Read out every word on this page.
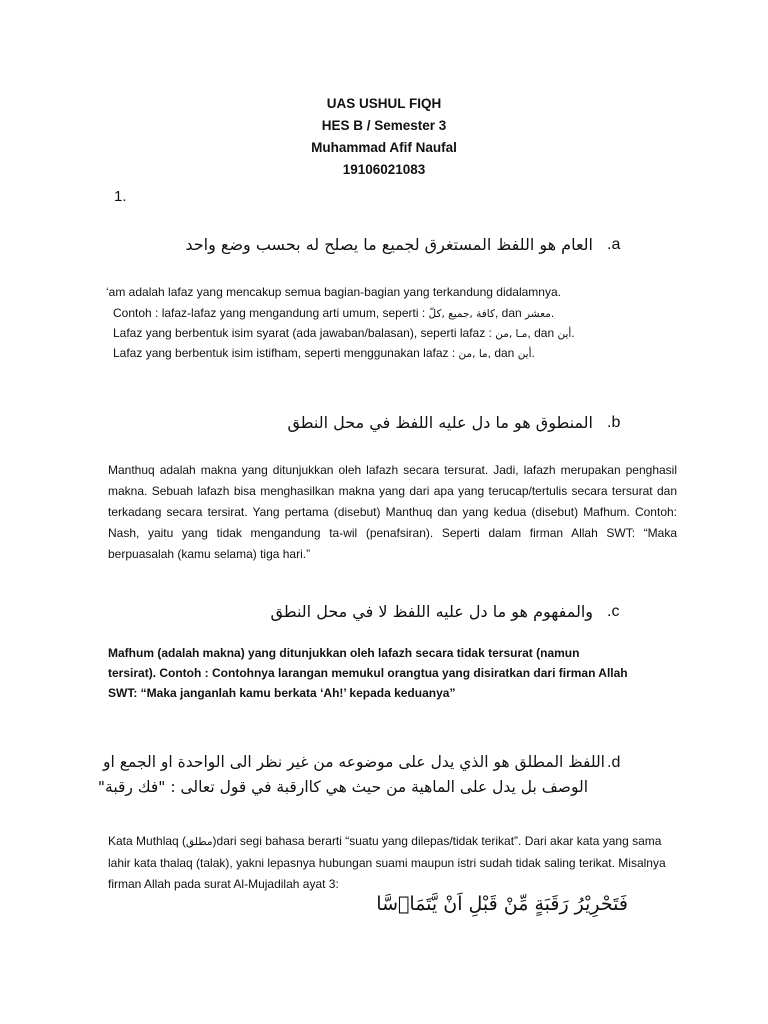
UAS USHUL FIQH
HES B / Semester 3
Muhammad Afif Naufal
19106021083
1.
العام هو اللفظ المستغرق لجميع ما يصلح له بحسب وضع واحد .a
‘am adalah lafaz yang mencakup semua bagian-bagian yang terkandung didalamnya.
Contoh : lafaz-lafaz yang mengandung arti umum, seperti : كافة ,جميع ,كلّ, dan معشر.
Lafaz yang berbentuk isim syarat (ada jawaban/balasan), seperti lafaz : مـا ,من, dan أين.
Lafaz yang berbentuk isim istifham, seperti menggunakan lafaz : ما ,من, dan أين.
المنطوق هو ما دل عليه اللفظ في محل النطق .b
Manthuq adalah makna yang ditunjukkan oleh lafazh secara tersurat. Jadi, lafazh merupakan penghasil makna. Sebuah lafazh bisa menghasilkan makna yang dari apa yang terucap/tertulis secara tersurat dan terkadang secara tersirat. Yang pertama (disebut) Manthuq dan yang kedua (disebut) Mafhum. Contoh: Nash, yaitu yang tidak mengandung ta-wil (penafsiran). Seperti dalam firman Allah SWT: “Maka berpuasalah (kamu selama) tiga hari.”
والمفهوم هو ما دل عليه اللفظ لا في محل النطق .c
Mafhum (adalah makna) yang ditunjukkan oleh lafazh secara tidak tersurat (namun tersirat). Contoh : Contohnya larangan memukul orangtua yang disiratkan dari firman Allah SWT: “Maka janganlah kamu berkata ‘Ah!’ kepada keduanya”
اللفظ المطلق هو الذي يدل على موضوعه من غير نظر الى الواحدة او الجمع او
الوصف بل يدل على الماهية من حيث هي كاارقبة في قول تعالى : "فك رقبة"
.d
Kata Muthlaq (مطلق)dari segi bahasa berarti “suatu yang dilepas/tidak terikat”. Dari akar kata yang sama lahir kata thalaq (talak), yakni lepasnya hubungan suami maupun istri sudah tidak saling terikat. Misalnya firman Allah pada surat Al-Mujadilah ayat 3:
فَتَحْرِيْرُ رَقَبَةٍ مِّنْ قَبْلِ اَنْ يَّتَمَاۤسَّا
